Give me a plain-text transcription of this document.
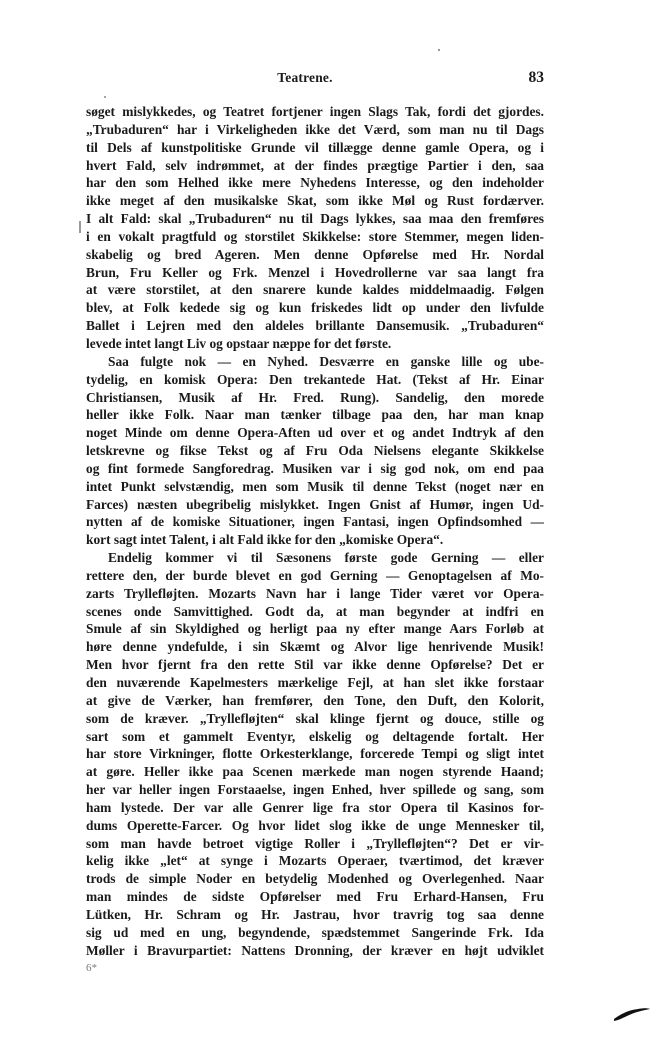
Teatrene.	83
søget mislykkedes, og Teatret fortjener ingen Slags Tak, fordi det gjordes.
„Trubaduren“ har i Virkeligheden ikke det Værd, som man nu til Dags
til Dels af kunstpolitiske Grunde vil tillægge denne gamle Opera, og i
hvert Fald, selv indrømmet, at der findes prægtige Partier i den, saa
har den som Helhed ikke mere Nyhedens Interesse, og den indeholder
ikke meget af den musikalske Skat, som ikke Møl og Rust fordærver.
I alt Fald: skal „Trubaduren“ nu til Dags lykkes, saa maa den fremføres
i en vokalt pragtfuld og storstilet Skikkelse: store Stemmer, megen liden-
skabelig og bred Ageren. Men denne Opførelse med Hr. Nordal
Brun, Fru Keller og Frk. Menzel i Hovedrollerne var saa langt fra
at være storstilet, at den snarere kunde kaldes middelmaadig. Følgen
blev, at Folk kedede sig og kun friskedes lidt op under den livfulde
Ballet i Lejren med den aldeles brillante Dansemusik. „Trubaduren“
levede intet langt Liv og opstaar næppe for det første.
Saa fulgte nok — en Nyhed. Desværre en ganske lille og ube-
tydelig, en komisk Opera: Den trekantede Hat. (Tekst af Hr. Einar
Christiansen, Musik af Hr. Fred. Rung). Sandelig, den morede
heller ikke Folk. Naar man tænker tilbage paa den, har man knap
noget Minde om denne Opera-Aften ud over et og andet Indtryk af den
letskrevne og fikse Tekst og af Fru Oda Nielsens elegante Skikkelse
og fint formede Sangforedrag. Musiken var i sig god nok, om end paa
intet Punkt selvstændig, men som Musik til denne Tekst (noget nær en
Farces) næsten ubegribelig mislykket. Ingen Gnist af Humør, ingen Ud-
nytten af de komiske Situationer, ingen Fantasi, ingen Opfindsomhed —
kort sagt intet Talent, i alt Fald ikke for den „komiske Opera“.
Endelig kommer vi til Sæsonens første gode Gerning — eller
rettere den, der burde blevet en god Gerning — Genoptagelsen af Mo-
zarts Tryllefløjten. Mozarts Navn har i lange Tider været vor Opera-
scenes onde Samvittighed. Godt da, at man begynder at indfri en
Smule af sin Skyldighed og herligt paa ny efter mange Aars Forløb at
høre denne yndefulde, i sin Skæmt og Alvor lige henrivende Musik!
Men hvor fjernt fra den rette Stil var ikke denne Opførelse? Det er
den nuværende Kapelmesters mærkelige Fejl, at han slet ikke forstaar
at give de Værker, han fremfører, den Tone, den Duft, den Kolorit,
som de kræver. „Tryllefløjten“ skal klinge fjernt og douce, stille og
sart som et gammelt Eventyr, elskelig og deltagende fortalt. Her
har store Virkninger, flotte Orkesterklange, forcerede Tempi og sligt intet
at gøre. Heller ikke paa Scenen mærkede man nogen styrende Haand;
her var heller ingen Forstaaelse, ingen Enhed, hver spillede og sang, som
ham lystede. Der var alle Genrer lige fra stor Opera til Kasinos for-
dums Operette-Farcer. Og hvor lidet slog ikke de unge Mennesker til,
som man havde betroet vigtige Roller i „Tryllefløjten“? Det er vir-
kelig ikke „let“ at synge i Mozarts Operaer, tværtimod, det kræver
trods de simple Noder en betydelig Modenhed og Overlegenhed. Naar
man mindes de sidste Opførelser med Fru Erhard-Hansen, Fru
Lütken, Hr. Schram og Hr. Jastrau, hvor travrig tog saa denne
sig ud med en ung, begyndende, spædstemmet Sangerinde Frk. Ida
Møller i Bravurpartiet: Nattens Dronning, der kræver en højt udviklet
6*
